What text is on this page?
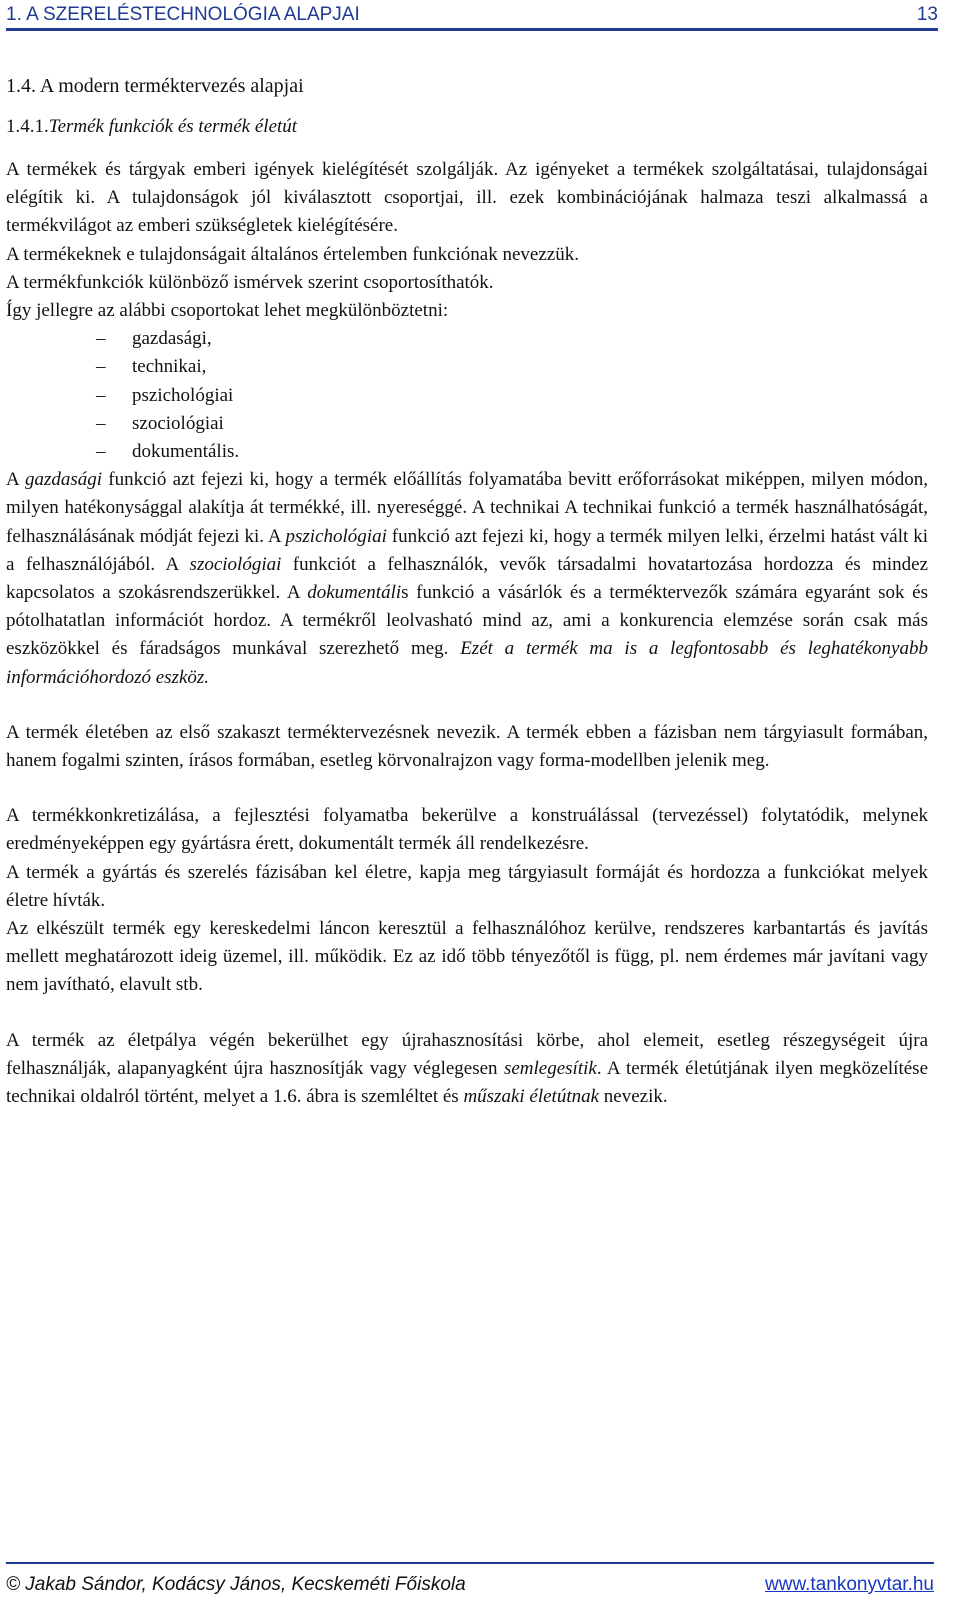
1. A SZERELÉSTECHNOLÓGIA ALAPJAI	13
1.4. A modern terméktervezés alapjai
1.4.1.Termék funkciók és termék életút

A termékek és tárgyak emberi igények kielégítését szolgálják. Az igényeket a termékek szolgáltatásai, tulajdonságai elégítik ki. A tulajdonságok jól kiválasztott csoportjai, ill. ezek kombinációjának halmaza teszi alkalmassá a termékvilágot az emberi szükségletek kielégítésére.

A termékeknek e tulajdonságait általános értelemben funkciónak nevezzük.

A termékfunkciók különböző ismérvek szerint csoportosíthatók.

Így jellegre az alábbi csoportokat lehet megkülönböztetni:

– gazdasági,
– technikai,
– pszichológiai
– szociológiai
– dokumentális.

A gazdasági funkció azt fejezi ki, hogy a termék előállítás folyamatába bevitt erőforrásokat miképpen, milyen módon, milyen hatékonysággal alakítja át termékké, ill. nyereséggé. A technikai A technikai funkció a termék használhatóságát, felhasználásának módját fejezi ki. A pszichológiai funkció azt fejezi ki, hogy a termék milyen lelki, érzelmi hatást vált ki a felhasználójából. A szociológiai funkciót a felhasználók, vevők társadalmi hovatartozása hordozza és mindez kapcsolatos a szokásrendszerükkel. A dokumentális funkció a vásárlók és a terméktervezők számára egyaránt sok és pótolhatatlan információt hordoz. A termékről leolvasható mind az, ami a konkurencia elemzése során csak más eszközökkel és fáradságos munkával szerezhető meg. Ezét a termék ma is a legfontosabb és leghatékonyabb információhordozó eszköz.

A termék életében az első szakaszt terméktervezésnek nevezik. A termék ebben a fázisban nem tárgyiasult formában, hanem fogalmi szinten, írásos formában, esetleg körvonalrajzon vagy forma-modellben jelenik meg.

A termékkonkretizálása, a fejlesztési folyamatba bekerülve a konstruálással (tervezéssel) folytatódik, melynek eredményeképpen egy gyártásra érett, dokumentált termék áll rendelkezésre.

A termék a gyártás és szerelés fázisában kel életre, kapja meg tárgyiasult formáját és hordozza a funkciókat melyek életre hívták.

Az elkészült termék egy kereskedelmi láncon keresztül a felhasználóhoz kerülve, rendszeres karbantartás és javítás mellett meghatározott ideig üzemel, ill. működik. Ez az idő több tényezőtől is függ, pl. nem érdemes már javítani vagy nem javítható, elavult stb.

A termék az életpálya végén bekerülhet egy újrahasznosítási körbe, ahol elemeit, esetleg részegységeit újra felhasználják, alapanyagként újra hasznosítják vagy véglegesen semlegesítik. A termék életútjának ilyen megközelítése technikai oldalról történt, melyet a 1.6. ábra is szemléltet és műszaki életútnak nevezik.

© Jakab Sándor, Kodácsy János, Kecskeméti Főiskola	www.tankonyvtar.hu
